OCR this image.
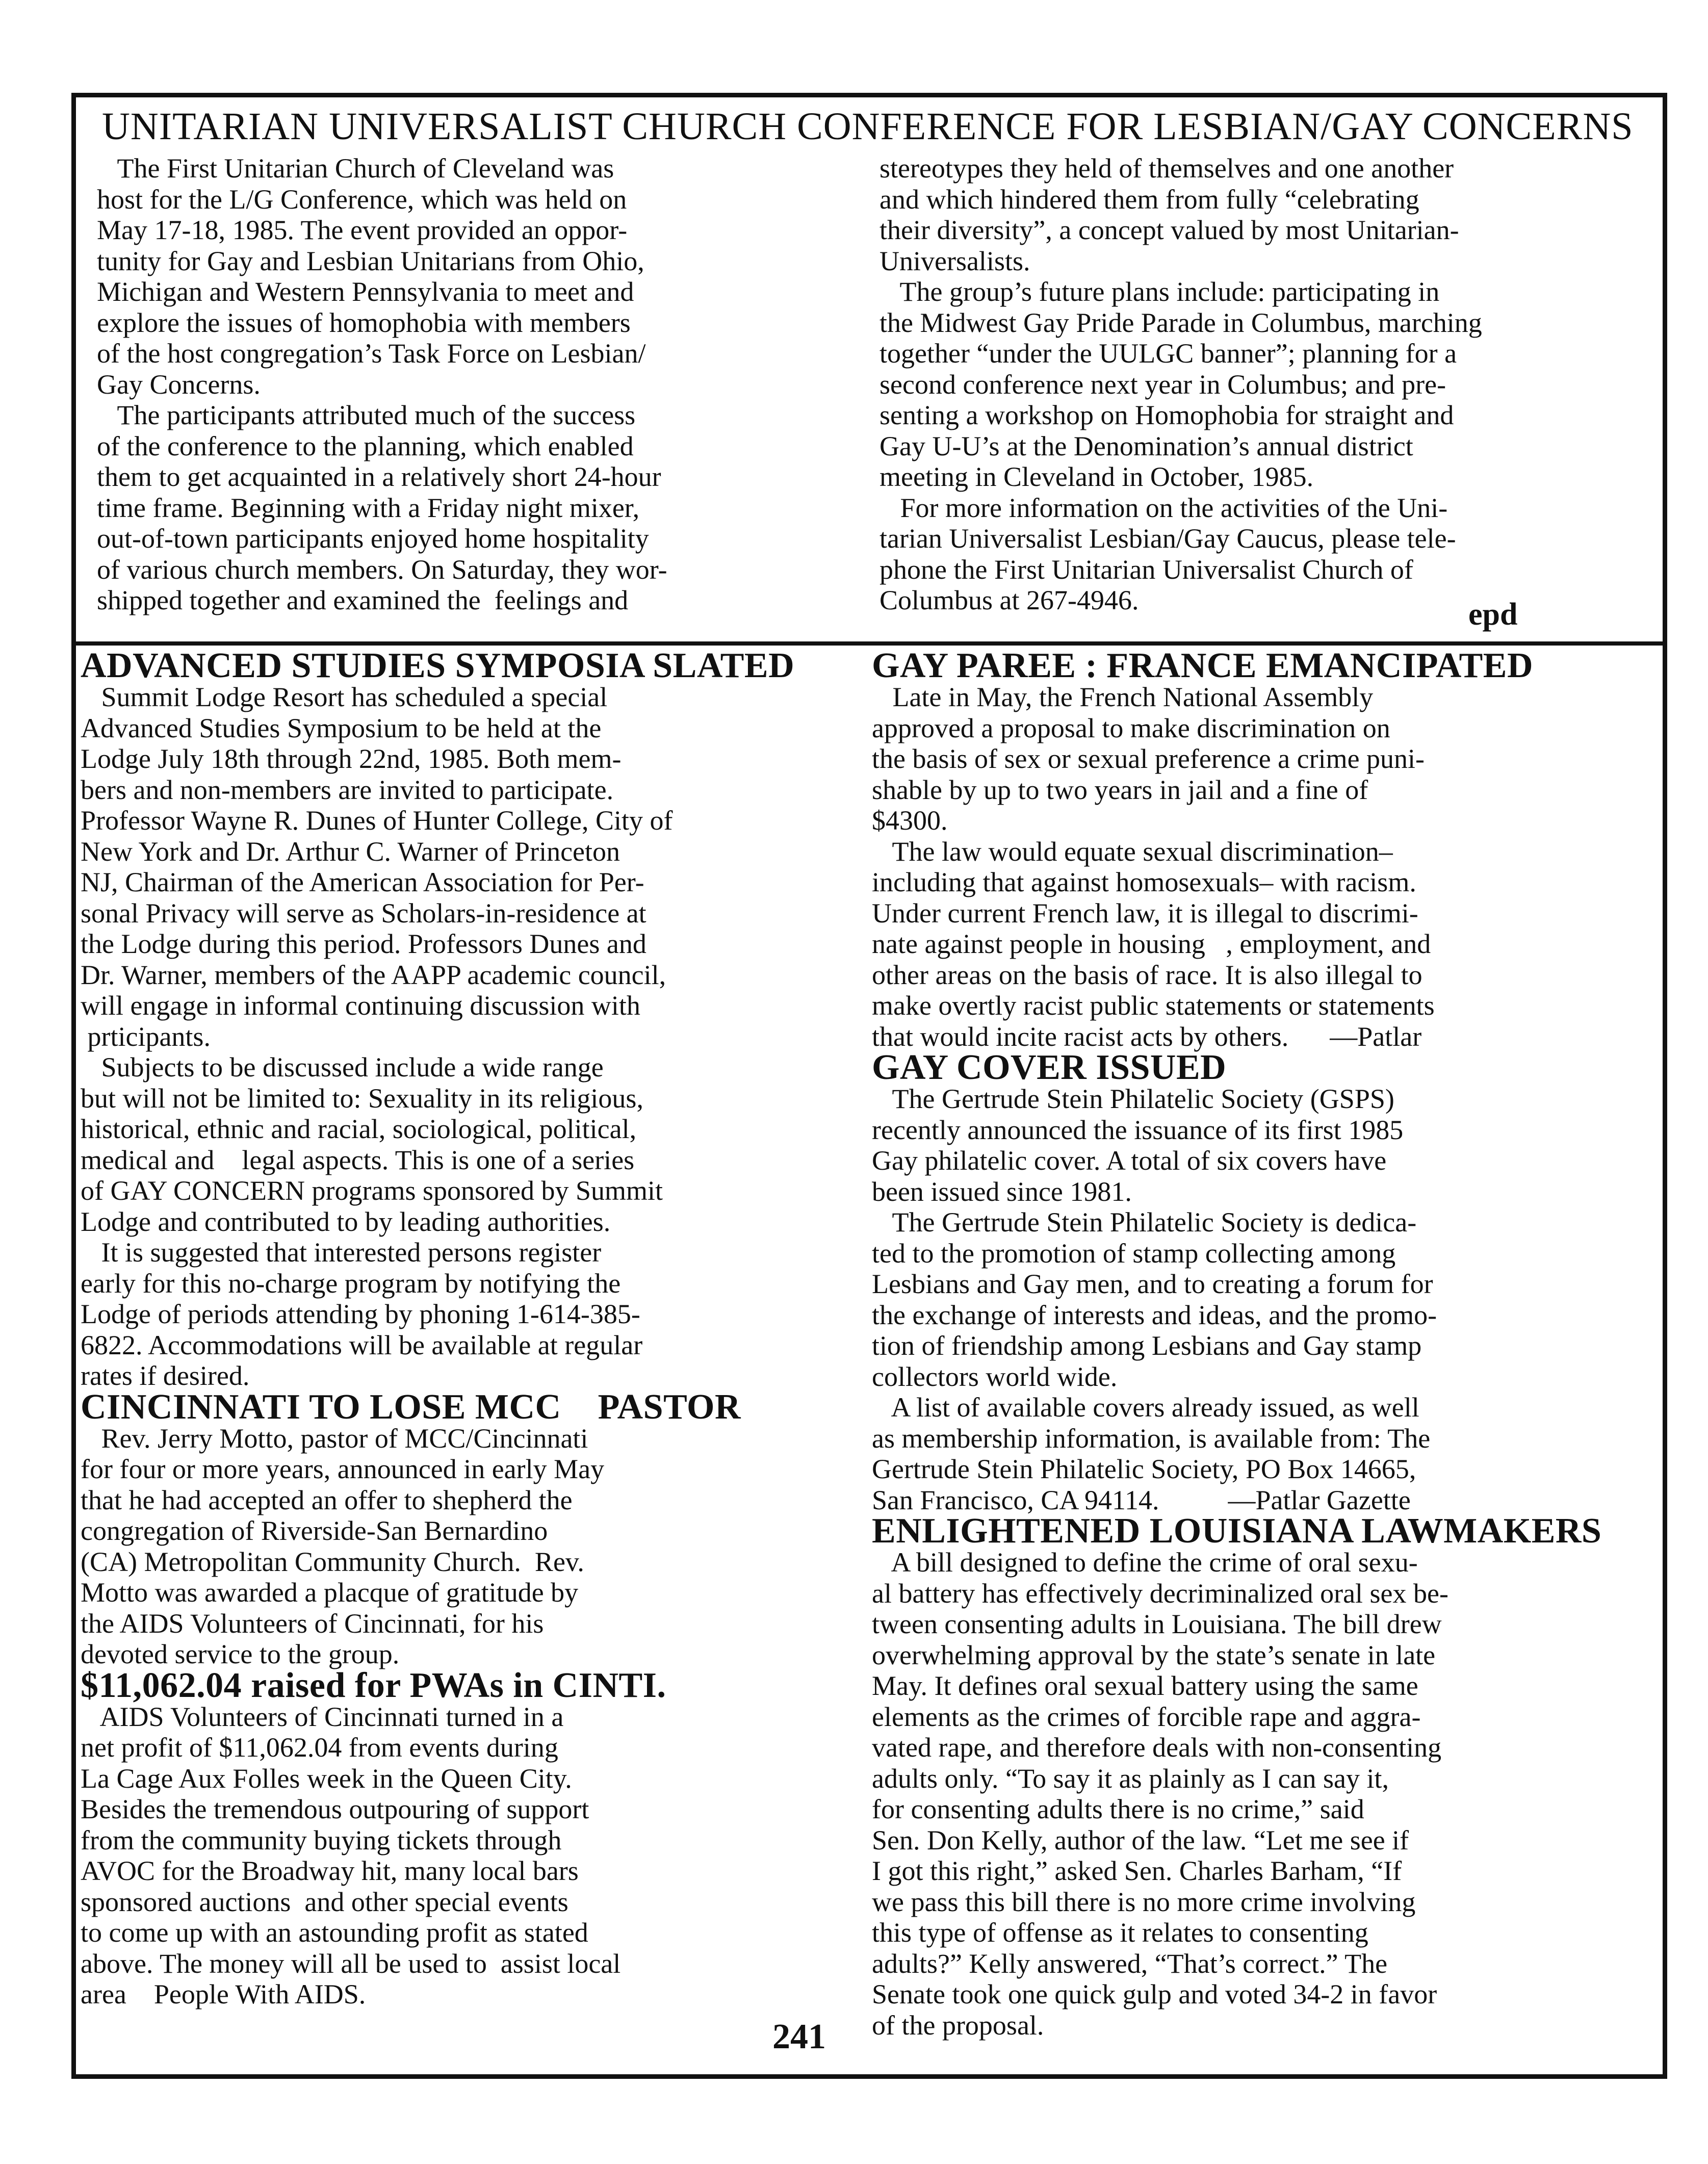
UNITARIAN UNIVERSALIST CHURCH CONFERENCE FOR LESBIAN/GAY CONCERNS
The First Unitarian Church of Cleveland was
host for the L/G Conference, which was held on
May 17-18, 1985. The event provided an oppor-
tunity for Gay and Lesbian Unitarians from Ohio,
Michigan and Western Pennsylvania to meet and
explore the issues of homophobia with members
of the host congregation’s Task Force on Lesbian/
Gay Concerns.
The participants attributed much of the success
of the conference to the planning, which enabled
them to get acquainted in a relatively short 24-hour
time frame. Beginning with a Friday night mixer,
out-of-town participants enjoyed home hospitality
of various church members. On Saturday, they wor-
shipped together and examined the  feelings and
stereotypes they held of themselves and one another
and which hindered them from fully “celebrating
their diversity”, a concept valued by most Unitarian-
Universalists.
The group’s future plans include: participating in
the Midwest Gay Pride Parade in Columbus, marching
together “under the UULGC banner”; planning for a
second conference next year in Columbus; and pre-
senting a workshop on Homophobia for straight and
Gay U-U’s at the Denomination’s annual district
meeting in Cleveland in October, 1985.
For more information on the activities of the Uni-
tarian Universalist Lesbian/Gay Caucus, please tele-
phone the First Unitarian Universalist Church of
Columbus at 267-4946.	epd
ADVANCED STUDIES SYMPOSIA SLATED
Summit Lodge Resort has scheduled a special
Advanced Studies Symposium to be held at the
Lodge July 18th through 22nd, 1985. Both mem-
bers and non-members are invited to participate.
Professor Wayne R. Dunes of Hunter College, City of
New York and Dr. Arthur C. Warner of Princeton
NJ, Chairman of the American Association for Per-
sonal Privacy will serve as Scholars-in-residence at
the Lodge during this period. Professors Dunes and
Dr. Warner, members of the AAPP academic council,
will engage in informal continuing discussion with
prticipants.
Subjects to be discussed include a wide range
but will not be limited to: Sexuality in its religious,
historical, ethnic and racial, sociological, political,
medical and    legal aspects. This is one of a series
of GAY CONCERN programs sponsored by Summit
Lodge and contributed to by leading authorities.
It is suggested that interested persons register
early for this no-charge program by notifying the
Lodge of periods attending by phoning 1-614-385-
6822. Accommodations will be available at regular
rates if desired.
CINCINNATI TO LOSE MCC    PASTOR
Rev. Jerry Motto, pastor of MCC/Cincinnati
for four or more years, announced in early May
that he had accepted an offer to shepherd the
congregation of Riverside-San Bernardino
(CA) Metropolitan Community Church.  Rev.
Motto was awarded a placque of gratitude by
the AIDS Volunteers of Cincinnati, for his
devoted service to the group.
$11,062.04 raised for PWAs in CINTI.
AIDS Volunteers of Cincinnati turned in a
net profit of $11,062.04 from events during
La Cage Aux Folles week in the Queen City.
Besides the tremendous outpouring of support
from the community buying tickets through
AVOC for the Broadway hit, many local bars
sponsored auctions  and other special events
to come up with an astounding profit as stated
above. The money will all be used to  assist local
area    People With AIDS.
GAY PAREE : FRANCE EMANCIPATED
Late in May, the French National Assembly
approved a proposal to make discrimination on
the basis of sex or sexual preference a crime puni-
shable by up to two years in jail and a fine of
$4300.
The law would equate sexual discrimination–
including that against homosexuals– with racism.
Under current French law, it is illegal to discrimi-
nate against people in housing   , employment, and
other areas on the basis of race. It is also illegal to
make overtly racist public statements or statements
that would incite racist acts by others.      —Patlar
GAY COVER ISSUED
The Gertrude Stein Philatelic Society (GSPS)
recently announced the issuance of its first 1985
Gay philatelic cover. A total of six covers have
been issued since 1981.
The Gertrude Stein Philatelic Society is dedica-
ted to the promotion of stamp collecting among
Lesbians and Gay men, and to creating a forum for
the exchange of interests and ideas, and the promo-
tion of friendship among Lesbians and Gay stamp
collectors world wide.
A list of available covers already issued, as well
as membership information, is available from: The
Gertrude Stein Philatelic Society, PO Box 14665,
San Francisco, CA 94114.          —Patlar Gazette
ENLIGHTENED LOUISIANA LAWMAKERS
A bill designed to define the crime of oral sexu-
al battery has effectively decriminalized oral sex be-
tween consenting adults in Louisiana. The bill drew
overwhelming approval by the state’s senate in late
May. It defines oral sexual battery using the same
elements as the crimes of forcible rape and aggra-
vated rape, and therefore deals with non-consenting
adults only. “To say it as plainly as I can say it,
for consenting adults there is no crime,” said
Sen. Don Kelly, author of the law. “Let me see if
I got this right,” asked Sen. Charles Barham, “If
we pass this bill there is no more crime involving
this type of offense as it relates to consenting
adults?” Kelly answered, “That’s correct.” The
Senate took one quick gulp and voted 34-2 in favor
of the proposal.
241
